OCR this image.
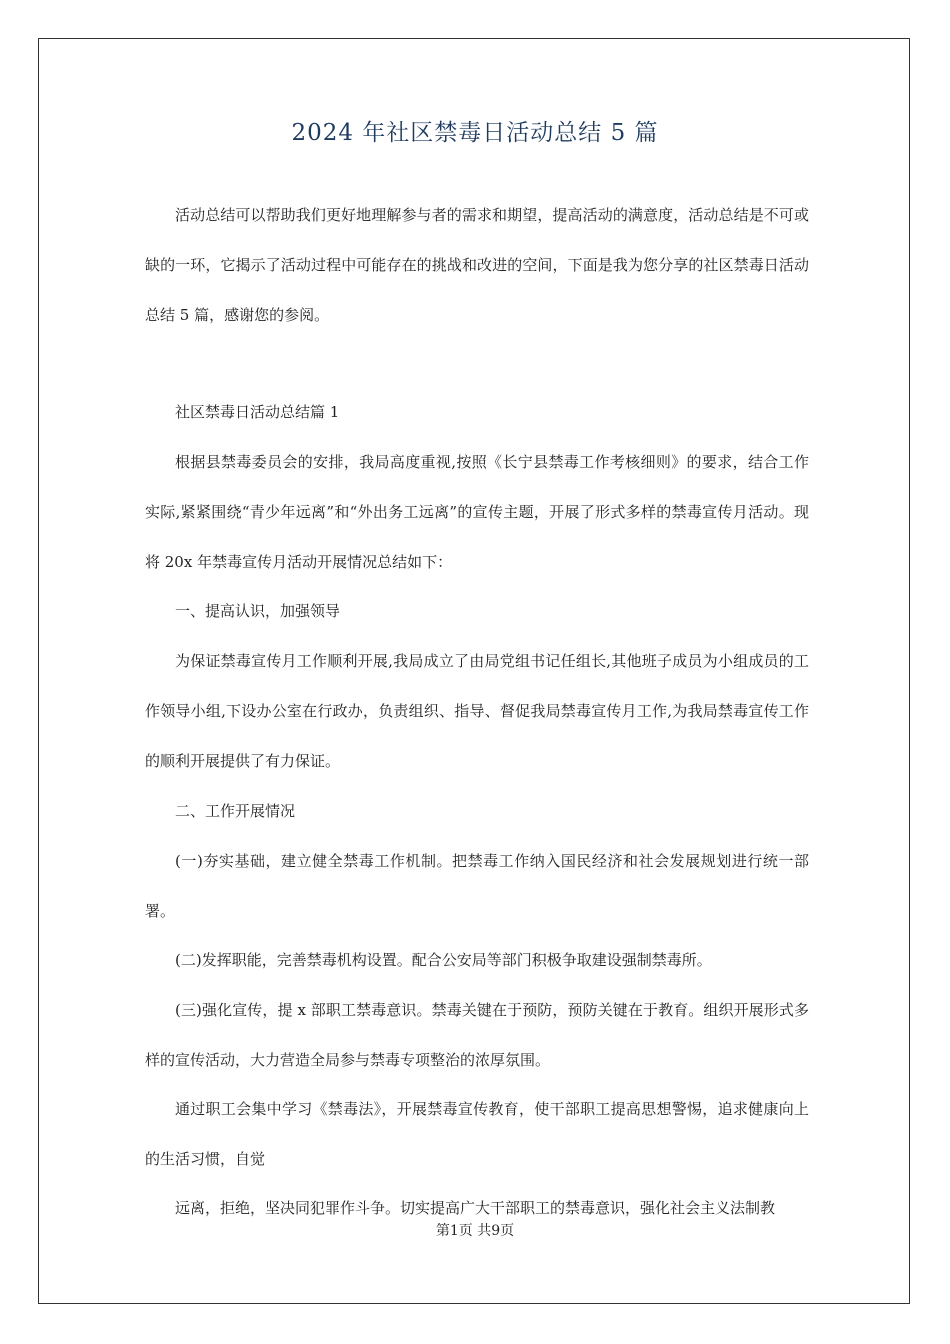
2024 年社区禁毒日活动总结 5 篇

活动总结可以帮助我们更好地理解参与者的需求和期望，提高活动的满意度，活动总结是不可或缺的一环，它揭示了活动过程中可能存在的挑战和改进的空间，下面是我为您分享的社区禁毒日活动总结 5 篇，感谢您的参阅。

社区禁毒日活动总结篇 1

根据县禁毒委员会的安排，我局高度重视,按照《长宁县禁毒工作考核细则》的要求，结合工作实际,紧紧围绕“青少年远离”和“外出务工远离”的宣传主题，开展了形式多样的禁毒宣传月活动。现将 20x 年禁毒宣传月活动开展情况总结如下：

一、提高认识，加强领导

为保证禁毒宣传月工作顺利开展,我局成立了由局党组书记任组长,其他班子成员为小组成员的工作领导小组,下设办公室在行政办，负责组织、指导、督促我局禁毒宣传月工作,为我局禁毒宣传工作的顺利开展提供了有力保证。

二、工作开展情况

(一)夯实基础，建立健全禁毒工作机制。把禁毒工作纳入国民经济和社会发展规划进行统一部署。

(二)发挥职能，完善禁毒机构设置。配合公安局等部门积极争取建设强制禁毒所。

(三)强化宣传，提 x 部职工禁毒意识。禁毒关键在于预防，预防关键在于教育。组织开展形式多样的宣传活动，大力营造全局参与禁毒专项整治的浓厚氛围。

通过职工会集中学习《禁毒法》，开展禁毒宣传教育，使干部职工提高思想警惕，追求健康向上的生活习惯，自觉

远离，拒绝，坚决同犯罪作斗争。切实提高广大干部职工的禁毒意识，强化社会主义法制教

第1页 共9页
